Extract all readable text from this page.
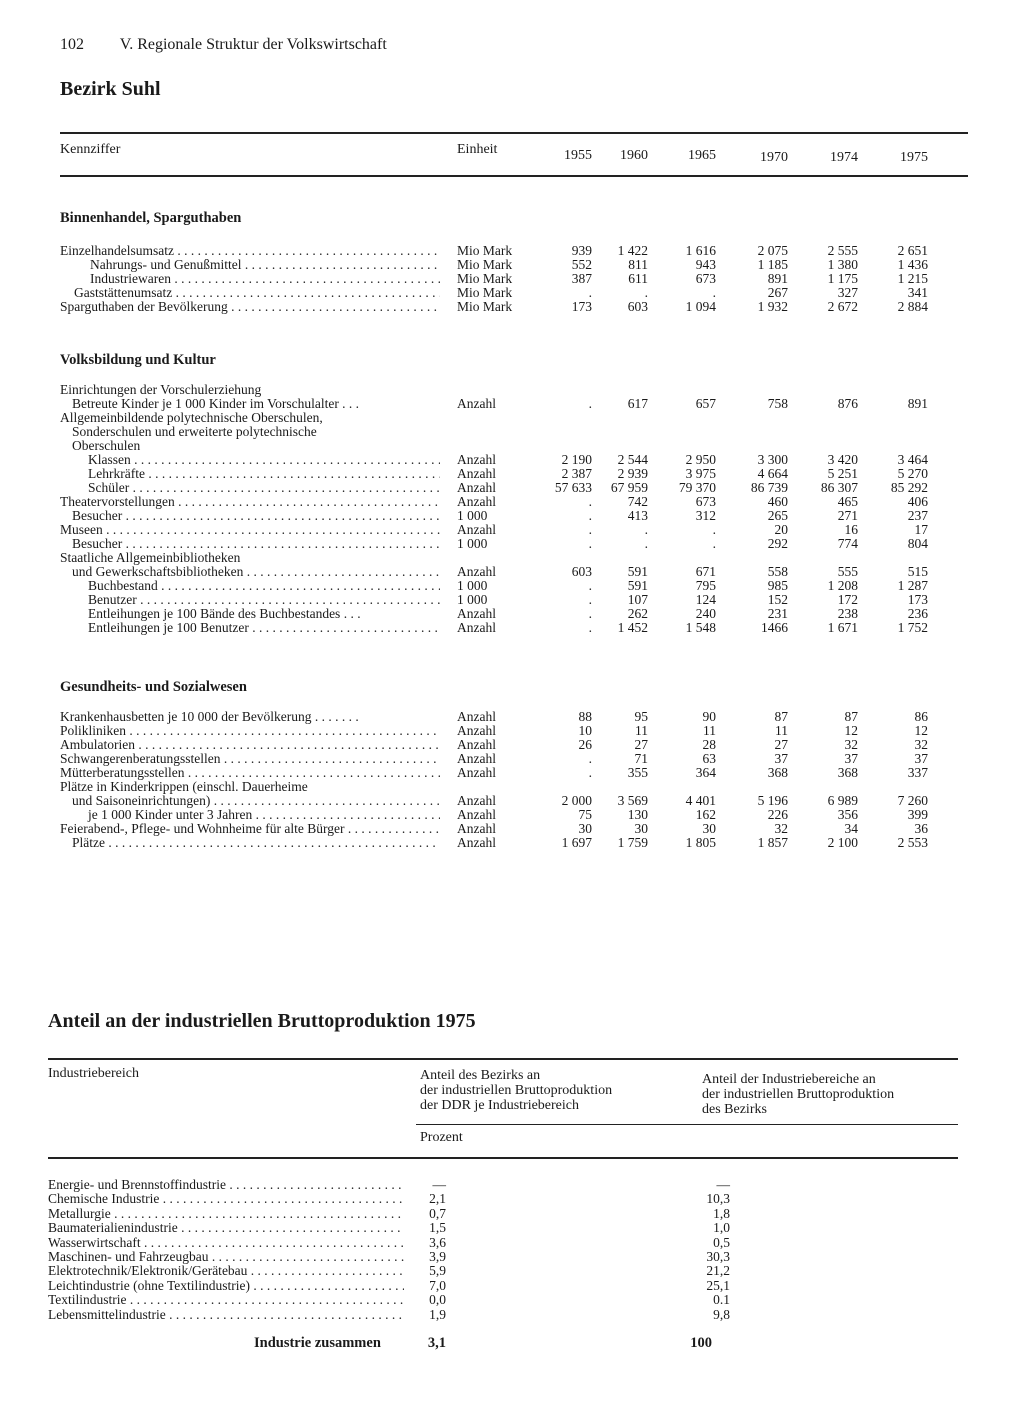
102 V. Regionale Struktur der Volkswirtschaft
Bezirk Suhl
Kennziffer	Einheit	1955	1960	1965	1970	1974	1975
Binnenhandel, Sparguthaben
Einzelhandelsumsatz . . .	Mio Mark	939	1 422	1 616	2 075	2 555	2 651
Nahrungs- und Genußmittel . . .	Mio Mark	552	811	943	1 185	1 380	1 436
Industriewaren . . .	Mio Mark	387	611	673	891	1 175	1 215
Gaststättenumsatz . . .	Mio Mark	.	.	.	267	327	341
Sparguthaben der Bevölkerung . . .	Mio Mark	173	603	1 094	1 932	2 672	2 884
Volksbildung und Kultur
Einrichtungen der Vorschulerziehung
Betreute Kinder je 1 000 Kinder im Vorschulalter . . .	Anzahl	.	617	657	758	876	891
Allgemeinbildende polytechnische Oberschulen,
Sonderschulen und erweiterte polytechnische
Oberschulen
Klassen . . .	Anzahl	2 190	2 544	2 950	3 300	3 420	3 464
Lehrkräfte . . .	Anzahl	2 387	2 939	3 975	4 664	5 251	5 270
Schüler . . .	Anzahl	57 633	67 959	79 370	86 739	86 307	85 292
Theatervorstellungen . . .	Anzahl	.	742	673	460	465	406
Besucher . . .	1 000	.	413	312	265	271	237
Museen . . .	Anzahl	.	.	.	20	16	17
Besucher . . .	1 000	.	.	.	292	774	804
Staatliche Allgemeinbibliotheken
und Gewerkschaftsbibliotheken . . .	Anzahl	603	591	671	558	555	515
Buchbestand . . .	1 000	.	591	795	985	1 208	1 287
Benutzer . . .	1 000	.	107	124	152	172	173
Entleihungen je 100 Bände des Buchbestandes . . .	Anzahl	.	262	240	231	238	236
Entleihungen je 100 Benutzer . . .	Anzahl	.	1 452	1 548	1466	1 671	1 752
Gesundheits- und Sozialwesen
Krankenhausbetten je 10 000 der Bevölkerung . . . . . . .	Anzahl	88	95	90	87	87	86
Polikliniken . . .	Anzahl	10	11	11	11	12	12
Ambulatorien . . .	Anzahl	26	27	28	27	32	32
Schwangerenberatungsstellen . . .	Anzahl	.	71	63	37	37	37
Mütterberatungsstellen . . .	Anzahl	.	355	364	368	368	337
Plätze in Kinderkrippen (einschl. Dauerheime
und Saisoneinrichtungen) . . .	Anzahl	2 000	3 569	4 401	5 196	6 989	7 260
je 1 000 Kinder unter 3 Jahren . . .	Anzahl	75	130	162	226	356	399
Feierabend-, Pflege- und Wohnheime für alte Bürger . . . . .	Anzahl	30	30	30	32	34	36
Plätze . . .	Anzahl	1 697	1 759	1 805	1 857	2 100	2 553
Anteil an der industriellen Bruttoproduktion 1975
Industriebereich	Anteil des Bezirks an
der industriellen Bruttoproduktion
der DDR je Industriebereich
Anteil der Industriebereiche an
der industriellen Bruttoproduktion
des Bezirks
Prozent
Energie- und Brennstoffindustrie . . .	—	—
Chemische Industrie . . .	2,1	10,3
Metallurgie . . .	0,7	1,8
Baumaterialienindustrie . . .	1,5	1,0
Wasserwirtschaft . . .	3,6	0,5
Maschinen- und Fahrzeugbau . . .	3,9	30,3
Elektrotechnik/Elektronik/Gerätebau . . .	5,9	21,2
Leichtindustrie (ohne Textilindustrie) . . .	7,0	25,1
Textilindustrie . . .	0,0	0.1
Lebensmittelindustrie . . .	1,9	9,8
Industrie zusammen	3,1	100
